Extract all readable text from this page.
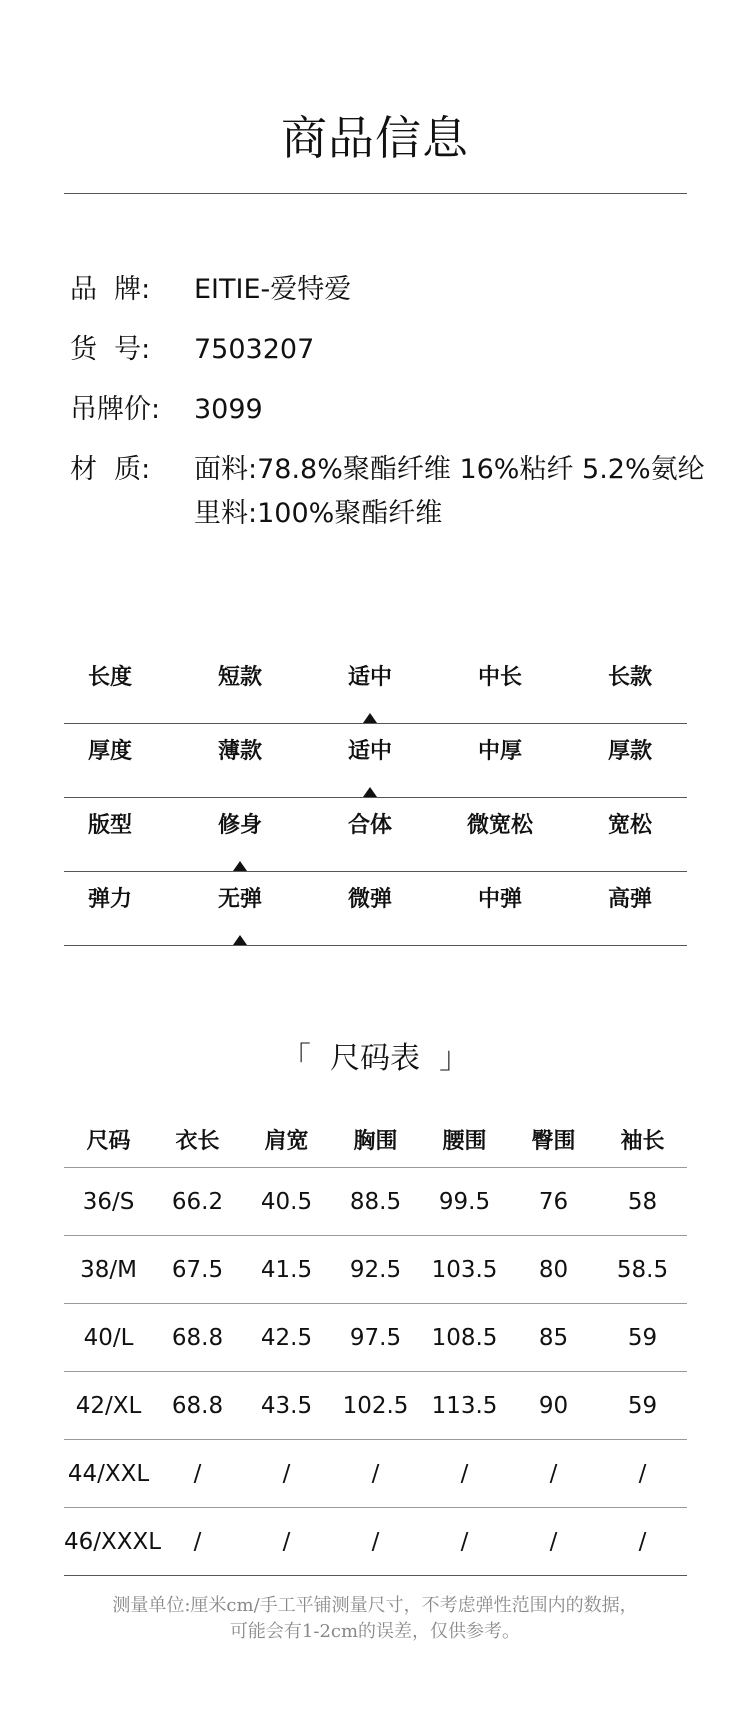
商品信息
品  牌:	EITIE-爱特爱
货  号:	7503207
吊牌价:	3099
材  质:	面料:78.8%聚酯纤维 16%粘纤 5.2%氨纶
里料:100%聚酯纤维
长度	短款	适中	中长	长款
厚度	薄款	适中	中厚	厚款
版型	修身	合体	微宽松	宽松
弹力	无弹	微弹	中弹	高弹
「  尺码表  」
尺码	衣长	肩宽	胸围	腰围	臀围	袖长
36/S	66.2	40.5	88.5	99.5	76	58
38/M	67.5	41.5	92.5	103.5	80	58.5
40/L	68.8	42.5	97.5	108.5	85	59
42/XL	68.8	43.5	102.5	113.5	90	59
44/XXL	/	/	/	/	/	/
46/XXXL	/	/	/	/	/	/
测量单位:厘米cm/手工平铺测量尺寸，不考虑弹性范围内的数据，
可能会有1-2cm的误差，仅供参考。
